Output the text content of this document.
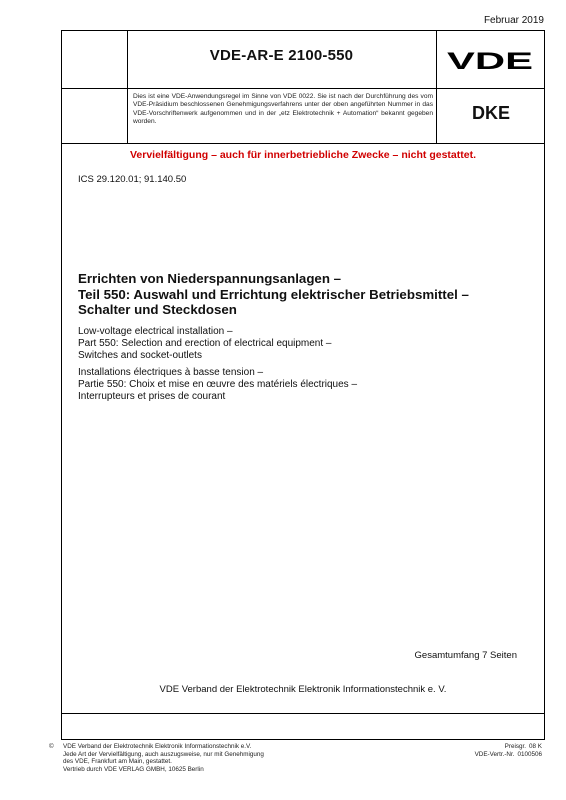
Februar 2019
VDE-AR-E 2100-550	VDE
Dies ist eine VDE-Anwendungsregel im Sinne von VDE 0022. Sie ist nach der Durchführung des vom VDE-Präsidium beschlossenen Genehmigungsverfahrens unter der oben angeführten Nummer in das VDE-Vorschriftenwerk aufgenommen und in der „etz Elektrotechnik + Automation“ bekannt gegeben worden.	DKE
Vervielfältigung – auch für innerbetriebliche Zwecke – nicht gestattet.
ICS 29.120.01; 91.140.50
Errichten von Niederspannungsanlagen –
Teil 550: Auswahl und Errichtung elektrischer Betriebsmittel –
Schalter und Steckdosen
Low-voltage electrical installation –
Part 550: Selection and erection of electrical equipment –
Switches and socket-outlets
Installations électriques à basse tension –
Partie 550: Choix et mise en œuvre des matériels électriques –
Interrupteurs et prises de courant
Gesamtumfang 7 Seiten
VDE Verband der Elektrotechnik Elektronik Informationstechnik e. V.
© VDE Verband der Elektrotechnik Elektronik Informationstechnik e.V.
Jede Art der Vervielfältigung, auch auszugsweise, nur mit Genehmigung
des VDE, Frankfurt am Main, gestattet.
Vertrieb durch VDE VERLAG GMBH, 10625 Berlin
Preisgr. 08 K
VDE-Vertr.-Nr. 0100506
